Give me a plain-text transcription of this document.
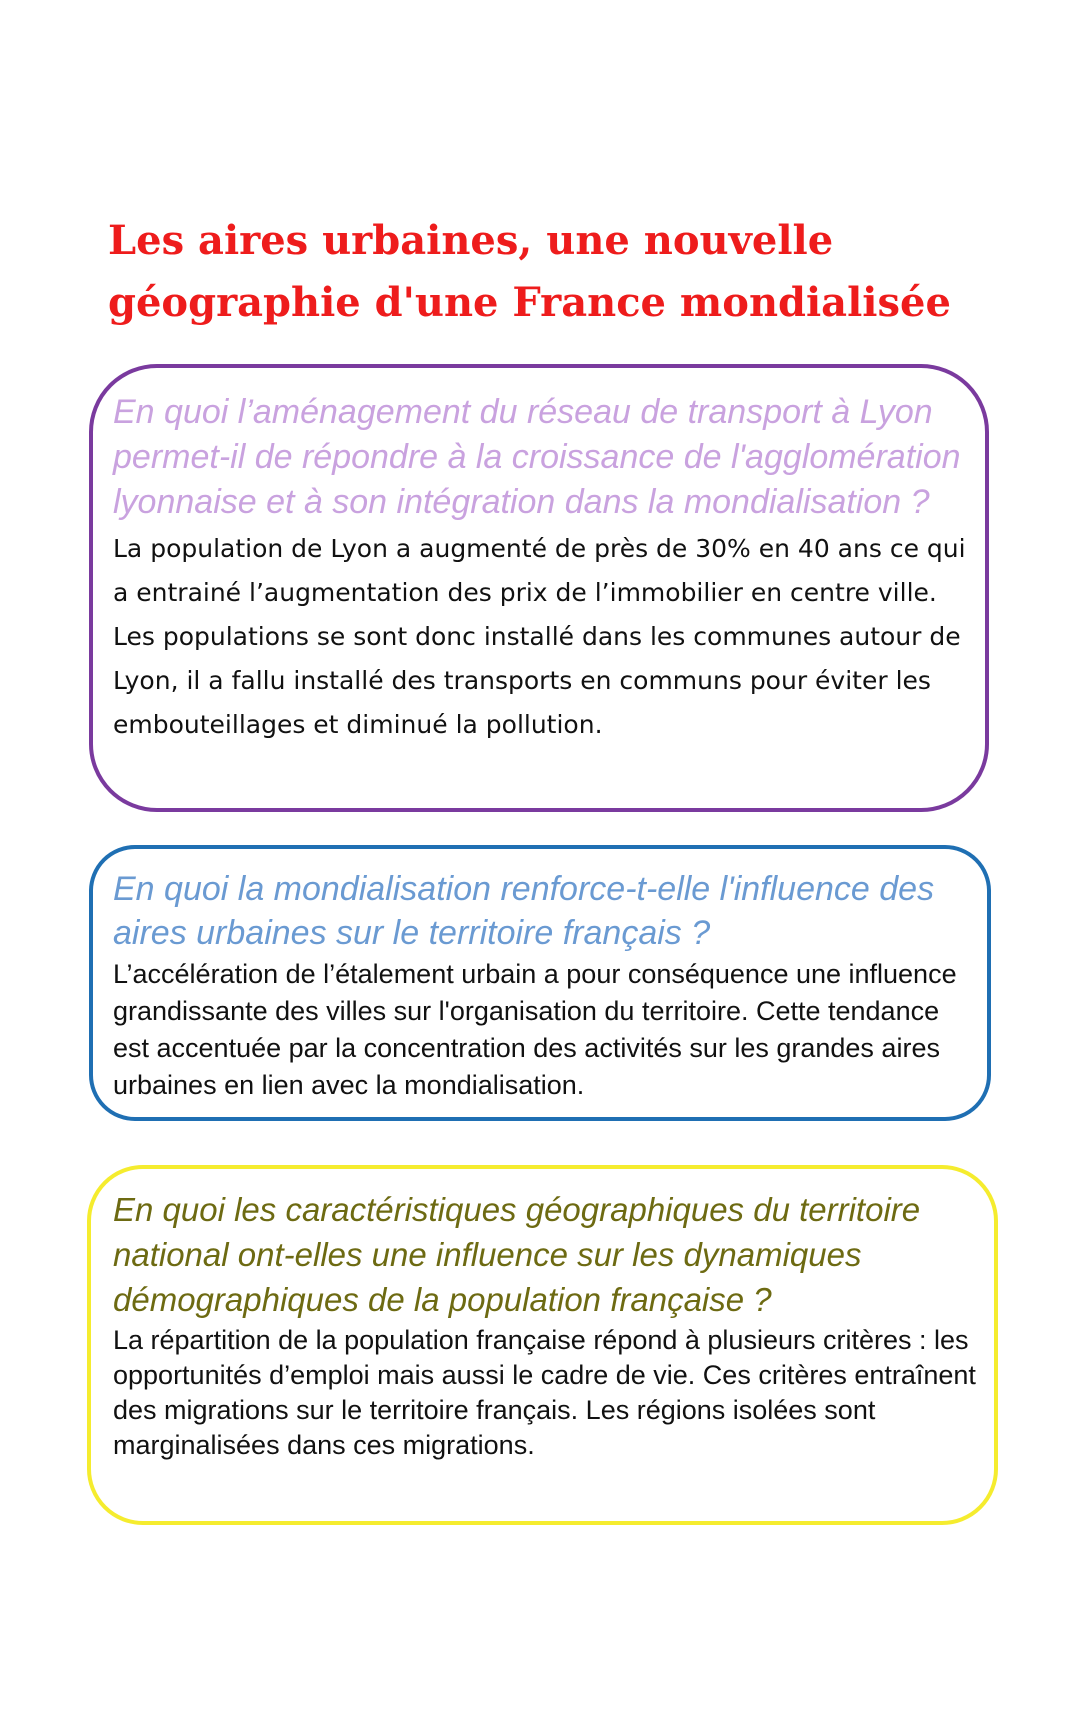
Les aires urbaines, une nouvelle géographie d'une France mondialisée

En quoi l’aménagement du réseau de transport à Lyon permet-il de répondre à la croissance de l'agglomération lyonnaise et à son intégration dans la mondialisation ?

La population de Lyon a augmenté de près de 30% en 40 ans ce qui a entrainé l’augmentation des prix de l’immobilier en centre ville. Les populations se sont donc installé dans les communes autour de Lyon, il a fallu installé des transports en communs pour éviter les embouteillages et diminué la pollution.

En quoi la mondialisation renforce-t-elle l'influence des aires urbaines sur le territoire français ?

L’accélération de l’étalement urbain a pour conséquence une influence grandissante des villes sur l'organisation du territoire. Cette tendance est accentuée par la concentration des activités sur les grandes aires urbaines en lien avec la mondialisation.

En quoi les caractéristiques géographiques du territoire national ont-elles une influence sur les dynamiques démographiques de la population française ?

La répartition de la population française répond à plusieurs critères : les opportunités d’emploi mais aussi le cadre de vie. Ces critères entraînent des migrations sur le territoire français. Les régions isolées sont marginalisées dans ces migrations.
